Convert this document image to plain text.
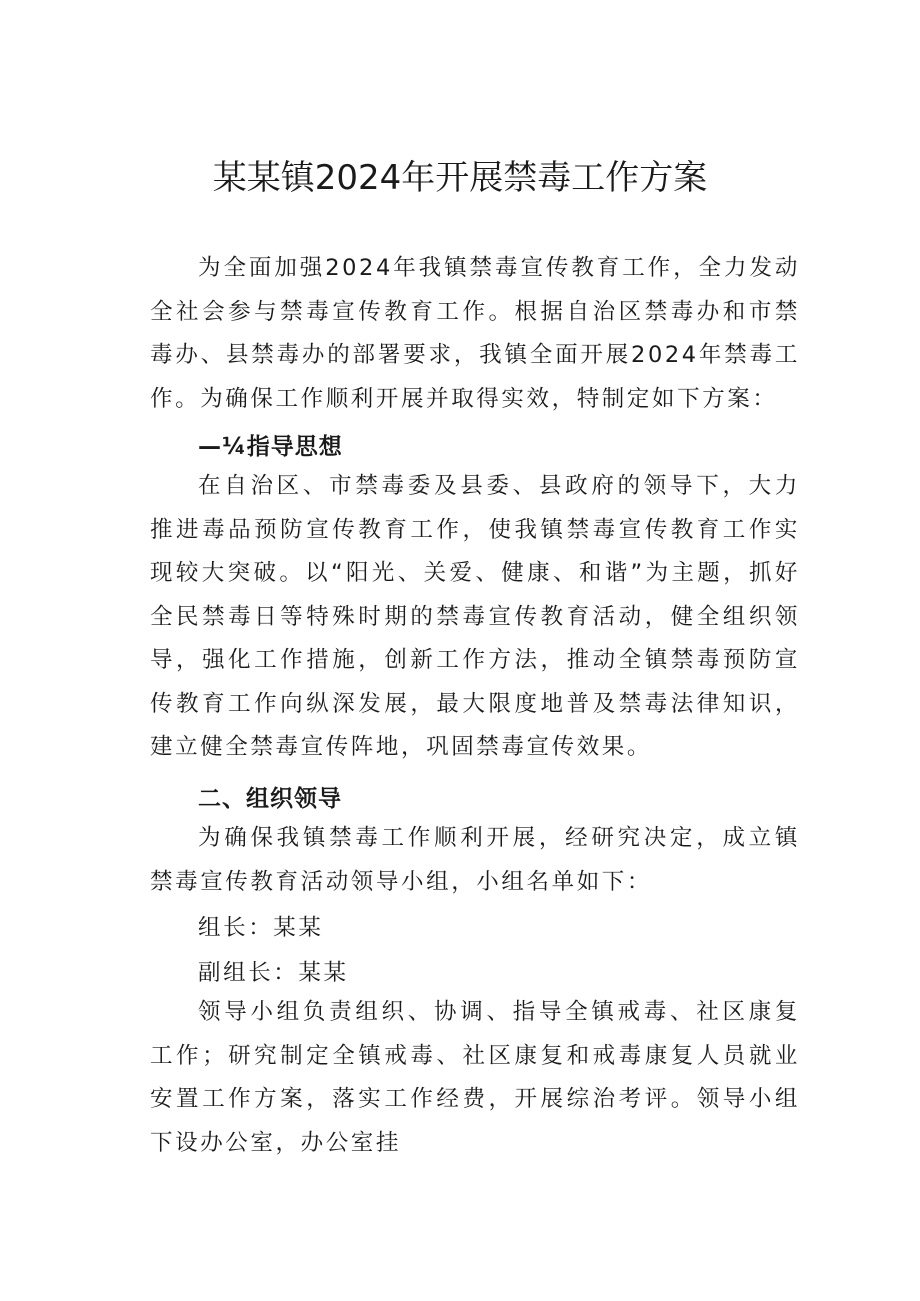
某某镇2024年开展禁毒工作方案

为全面加强2024年我镇禁毒宣传教育工作，全力发动全社会参与禁毒宣传教育工作。根据自治区禁毒办和市禁毒办、县禁毒办的部署要求，我镇全面开展2024年禁毒工作。为确保工作顺利开展并取得实效，特制定如下方案：

—¼指导思想

在自治区、市禁毒委及县委、县政府的领导下，大力推进毒品预防宣传教育工作，使我镇禁毒宣传教育工作实现较大突破。以“阳光、关爱、健康、和谐”为主题，抓好全民禁毒日等特殊时期的禁毒宣传教育活动，健全组织领导，强化工作措施，创新工作方法，推动全镇禁毒预防宣传教育工作向纵深发展，最大限度地普及禁毒法律知识，建立健全禁毒宣传阵地，巩固禁毒宣传效果。

二、组织领导

为确保我镇禁毒工作顺利开展，经研究决定，成立镇禁毒宣传教育活动领导小组，小组名单如下：

组长：某某

副组长：某某

领导小组负责组织、协调、指导全镇戒毒、社区康复工作；研究制定全镇戒毒、社区康复和戒毒康复人员就业安置工作方案，落实工作经费，开展综治考评。领导小组下设办公室，办公室挂
